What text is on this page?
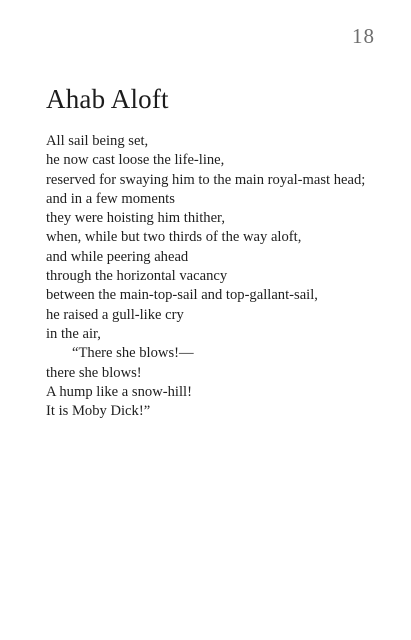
18
Ahab Aloft
All sail being set,
he now cast loose the life-line,
reserved for swaying him to the main royal-mast head;
and in a few moments
they were hoisting him thither,
when, while but two thirds of the way aloft,
and while peering ahead
through the horizontal vacancy
between the main-top-sail and top-gallant-sail,
he raised a gull-like cry
in the air,
“There she blows!—
there she blows!
A hump like a snow-hill!
It is Moby Dick!”
